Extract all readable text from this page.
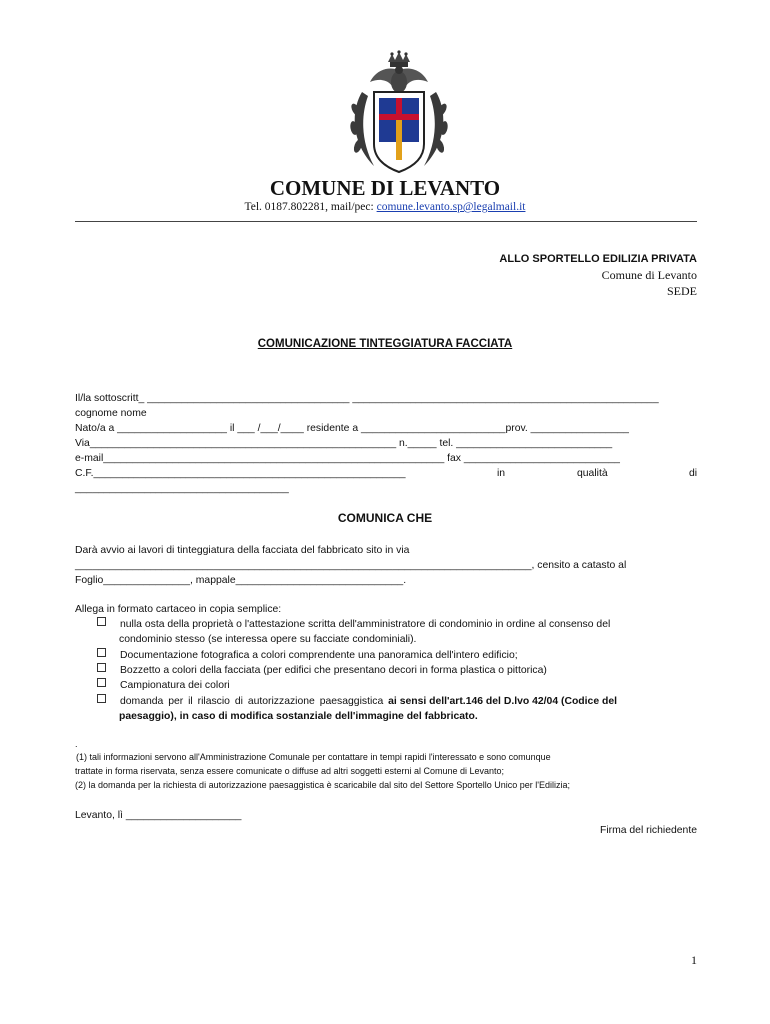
COMUNE DI LEVANTO
Tel. 0187.802281, mail/pec: comune.levanto.sp@legalmail.it
ALLO SPORTELLO EDILIZIA PRIVATA
Comune di Levanto
SEDE
COMUNICAZIONE TINTEGGIATURA FACCIATA
Il/la sottoscritt_ ___________________________________ _____________________________________________________
cognome nome
Nato/a a ___________________ il ___ /___/____ residente a _________________________prov. _________________
Via_____________________________________________________ n._____ tel. ___________________________
e-mail___________________________________________________________ fax ___________________________
C.F.______________________________________________________	in	qualità	di
_____________________________________
COMUNICA CHE
Darà avvio ai lavori di tinteggiatura della facciata del fabbricato sito in via
_______________________________________________________________________________, censito a catasto al
Foglio_______________, mappale_____________________________.
Allega in formato cartaceo in copia semplice:
nulla osta della proprietà o l'attestazione scritta dell'amministratore di condominio in ordine al consenso del
condominio stesso (se interessa opere su facciate condominiali).
Documentazione fotografica a colori comprendente una panoramica dell'intero edificio;
Bozzetto a colori della facciata (per edifici che presentano decori in forma plastica o pittorica)
Campionatura dei colori
domanda per il rilascio di autorizzazione paesaggistica ai sensi dell'art.146 del D.lvo 42/04 (Codice del
paesaggio), in caso di modifica sostanziale dell'immagine del fabbricato.
.
(1) tali informazioni servono all'Amministrazione Comunale per contattare in tempi rapidi l'interessato e sono comunque
trattate in forma riservata, senza essere comunicate o diffuse ad altri soggetti esterni al Comune di Levanto;
(2) la domanda per la richiesta di autorizzazione paesaggistica è scaricabile dal sito del Settore Sportello Unico per l'Edilizia;
Levanto, lì ____________________
Firma del richiedente
1
